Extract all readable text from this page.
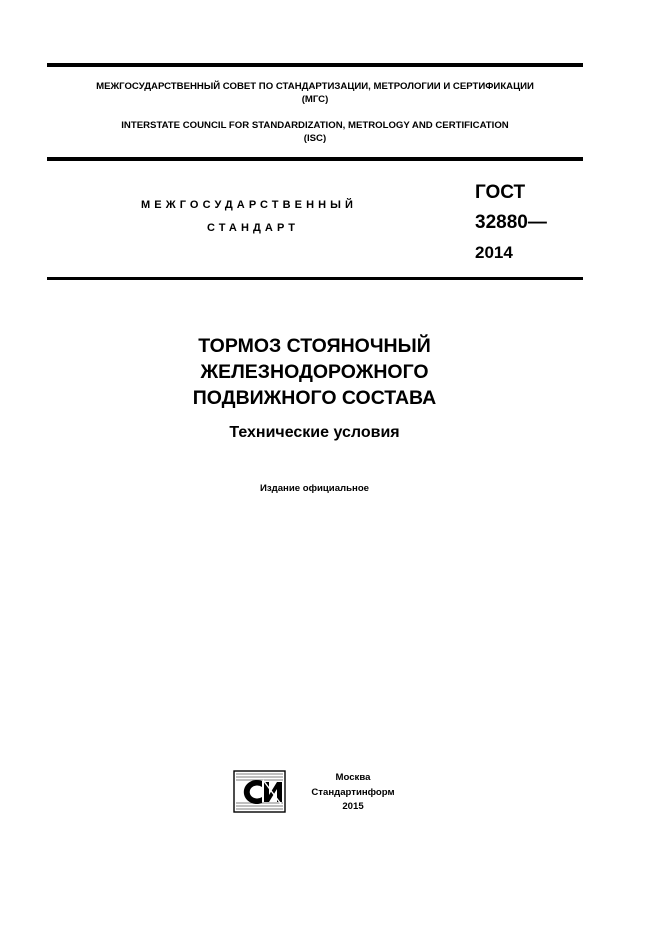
МЕЖГОСУДАРСТВЕННЫЙ СОВЕТ ПО СТАНДАРТИЗАЦИИ, МЕТРОЛОГИИ И СЕРТИФИКАЦИИ
(МГС)
INTERSTATE COUNCIL FOR STANDARDIZATION, METROLOGY AND CERTIFICATION
(ISC)
МЕЖГОСУДАРСТВЕННЫЙ
СТАНДАРТ
ГОСТ
32880—
2014
ТОРМОЗ СТОЯНОЧНЫЙ
ЖЕЛЕЗНОДОРОЖНОГО
ПОДВИЖНОГО СОСТАВА
Технические условия
Издание официальное
Москва
Стандартинформ
2015
